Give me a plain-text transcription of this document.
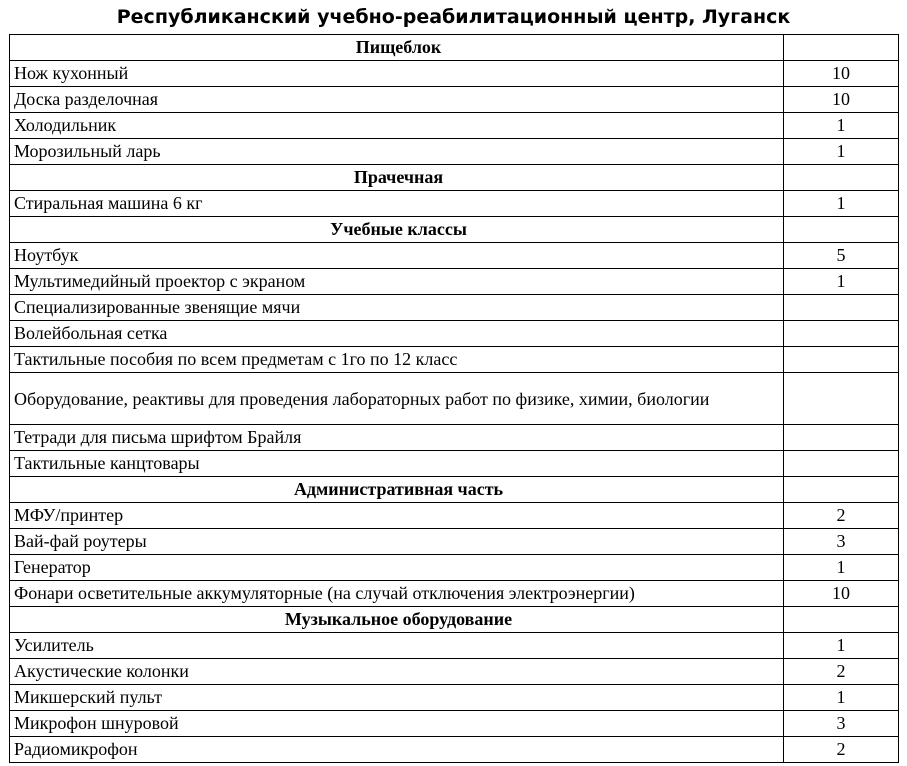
Республиканский учебно-реабилитационный центр, Луганск
Пищеблок	
Нож кухонный	10
Доска разделочная	10
Холодильник	1
Морозильный ларь	1
Прачечная	
Стиральная машина 6 кг	1
Учебные классы	
Ноутбук	5
Мультимедийный проектор с экраном	1
Специализированные звенящие мячи	
Волейбольная сетка	
Тактильные пособия по всем предметам с 1го по 12 класс	
Оборудование, реактивы для проведения лабораторных работ по физике, химии, биологии	
Тетради для письма шрифтом Брайля	
Тактильные канцтовары	
Административная часть	
МФУ/принтер	2
Вай-фай роутеры	3
Генератор	1
Фонари осветительные аккумуляторные (на случай отключения электроэнергии)	10
Музыкальное оборудование	
Усилитель	1
Акустические колонки	2
Микшерский пульт	1
Микрофон шнуровой	3
Радиомикрофон	2
